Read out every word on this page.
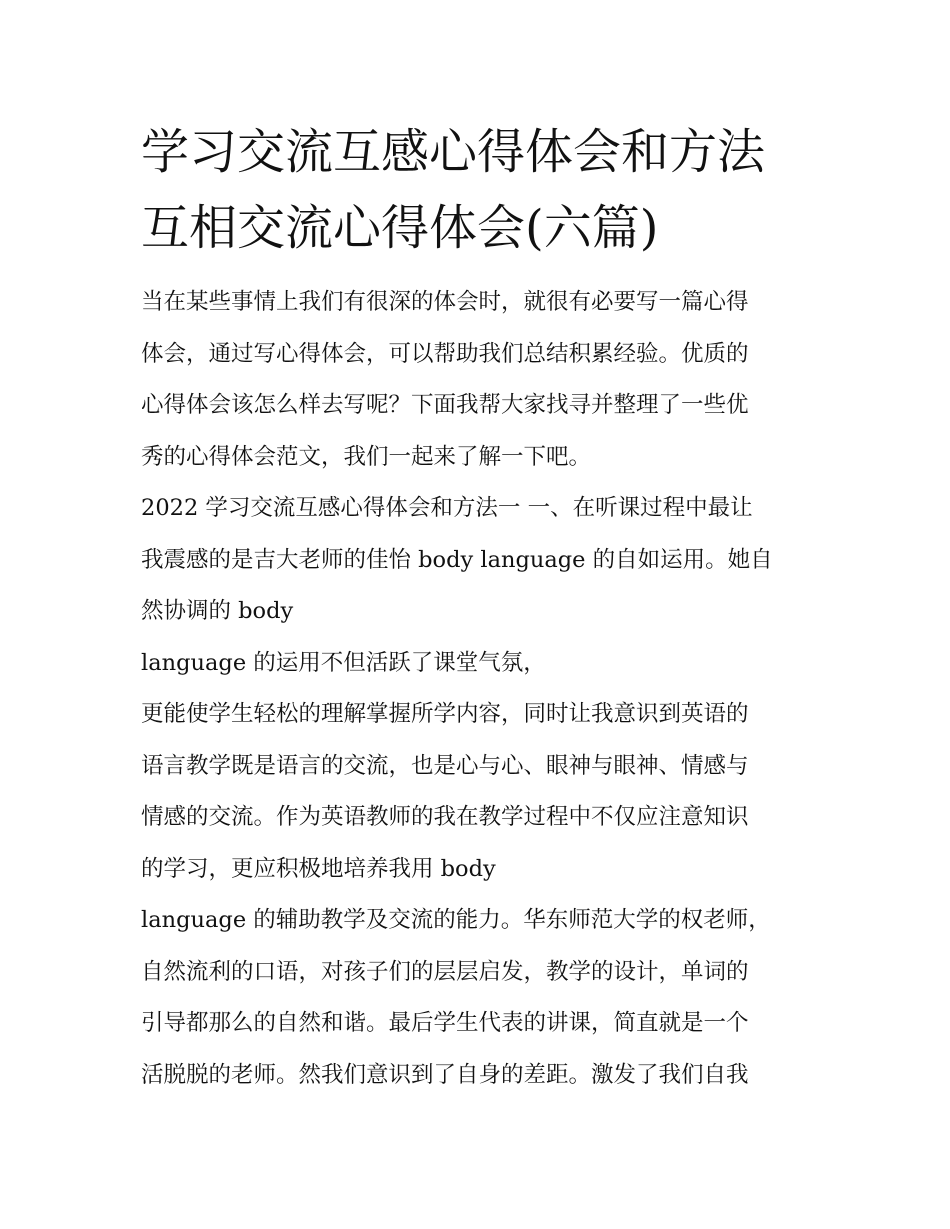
学习交流互感心得体会和方法
互相交流心得体会(六篇)
当在某些事情上我们有很深的体会时，就很有必要写一篇心得
体会，通过写心得体会，可以帮助我们总结积累经验。优质的
心得体会该怎么样去写呢？下面我帮大家找寻并整理了一些优
秀的心得体会范文，我们一起来了解一下吧。
2022 学习交流互感心得体会和方法一 一、在听课过程中最让
我震感的是吉大老师的佳怡 body language 的自如运用。她自
然协调的 body
language 的运用不但活跃了课堂气氛，
更能使学生轻松的理解掌握所学内容，同时让我意识到英语的
语言教学既是语言的交流，也是心与心、眼神与眼神、情感与
情感的交流。作为英语教师的我在教学过程中不仅应注意知识
的学习，更应积极地培养我用 body
language 的辅助教学及交流的能力。华东师范大学的权老师，
自然流利的口语，对孩子们的层层启发，教学的设计，单词的
引导都那么的自然和谐。最后学生代表的讲课，简直就是一个
活脱脱的老师。然我们意识到了自身的差距。激发了我们自我
